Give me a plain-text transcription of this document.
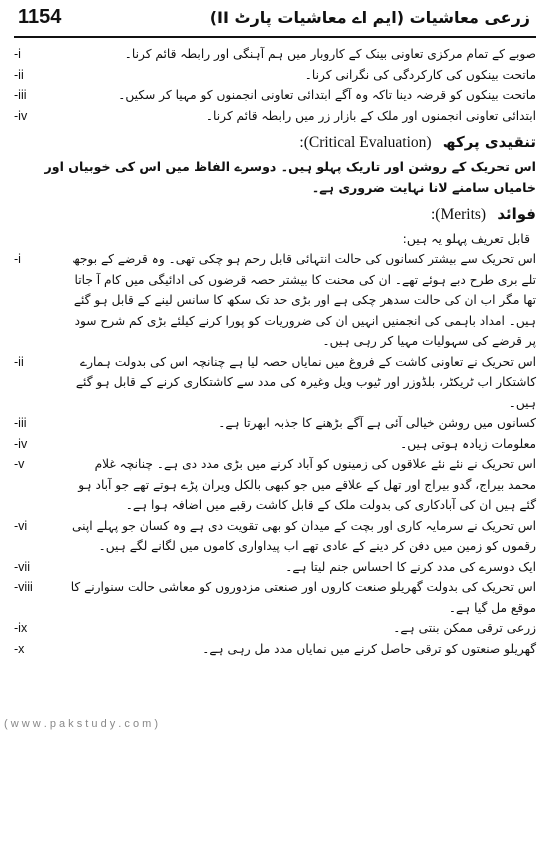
1154	زرعی معاشیات (ایم اے معاشیات پارٹ II)
صوبے کے تمام مرکزی تعاونی بینک کے کاروبار میں ہم آہنگی اور رابطہ قائم کرنا۔
-i
ماتحت بینکوں کی کارکردگی کی نگرانی کرنا۔
-ii
ماتحت بینکوں کو قرضہ دینا تاکہ وہ آگے ابتدائی تعاونی انجمنوں کو مہیا کر سکیں۔
-iii
ابتدائی تعاونی انجمنوں اور ملک کے بازار زر میں رابطہ قائم کرنا۔
-iv
تنقیدی پرکھ (Critical Evaluation):
اس تحریک کے روشن اور تاریک پہلو ہیں۔ دوسرے الفاظ میں اس کی خوبیاں اور خامیاں سامنے لانا نہایت ضروری ہے۔
فوائد (Merits):
قابل تعریف پہلو یہ ہیں:
اس تحریک سے بیشتر کسانوں کی حالت انتہائی قابل رحم ہو چکی تھی۔ وہ قرضے کے بوجھ تلے بری طرح دبے ہوئے تھے۔ ان کی محنت کا بیشتر حصہ قرضوں کی ادائیگی میں کام آ جاتا تھا مگر اب ان کی حالت سدھر چکی ہے اور بڑی حد تک سکھ کا سانس لینے کے قابل ہو گئے ہیں۔ امداد باہمی کی انجمنیں انہیں ان کی ضروریات کو پورا کرنے کیلئے بڑی کم شرح سود پر قرضے کی سہولیات مہیا کر رہی ہیں۔
-i
اس تحریک نے تعاونی کاشت کے فروغ میں نمایاں حصہ لیا ہے چنانچہ اس کی بدولت ہمارے کاشتکار اب ٹریکٹر، بلڈوزر اور ٹیوب ویل وغیرہ کی مدد سے کاشتکاری کرنے کے قابل ہو گئے ہیں۔
-ii
کسانوں میں روشن خیالی آئی ہے آگے بڑھنے کا جذبہ ابھرتا ہے۔
-iii
معلومات زیادہ ہوتی ہیں۔
-iv
اس تحریک نے نئے نئے علاقوں کی زمینوں کو آباد کرنے میں بڑی مدد دی ہے۔ چنانچہ غلام محمد بیراج، گدو بیراج اور تھل کے علاقے میں جو کبھی بالکل ویران پڑے ہوتے تھے جو آباد ہو گئے ہیں ان کی آبادکاری کی بدولت ملک کے قابل کاشت رقبے میں اضافہ ہوا ہے۔
-v
اس تحریک نے سرمایہ کاری اور بچت کے میدان کو بھی تقویت دی ہے وہ کسان جو پہلے اپنی رقموں کو زمین میں دفن کر دینے کے عادی تھے اب پیداواری کاموں میں لگانے لگے ہیں۔
-vi
ایک دوسرے کی مدد کرنے کا احساس جنم لیتا ہے۔
-vii
اس تحریک کی بدولت گھریلو صنعت کاروں اور صنعتی مزدوروں کو معاشی حالت سنوارنے کا موقع مل گیا ہے۔
-viii
زرعی ترقی ممکن بنتی ہے۔
-ix
گھریلو صنعتوں کو ترقی حاصل کرنے میں نمایاں مدد مل رہی ہے۔
-x
( w w w . p a k s t u d y . c o m )
